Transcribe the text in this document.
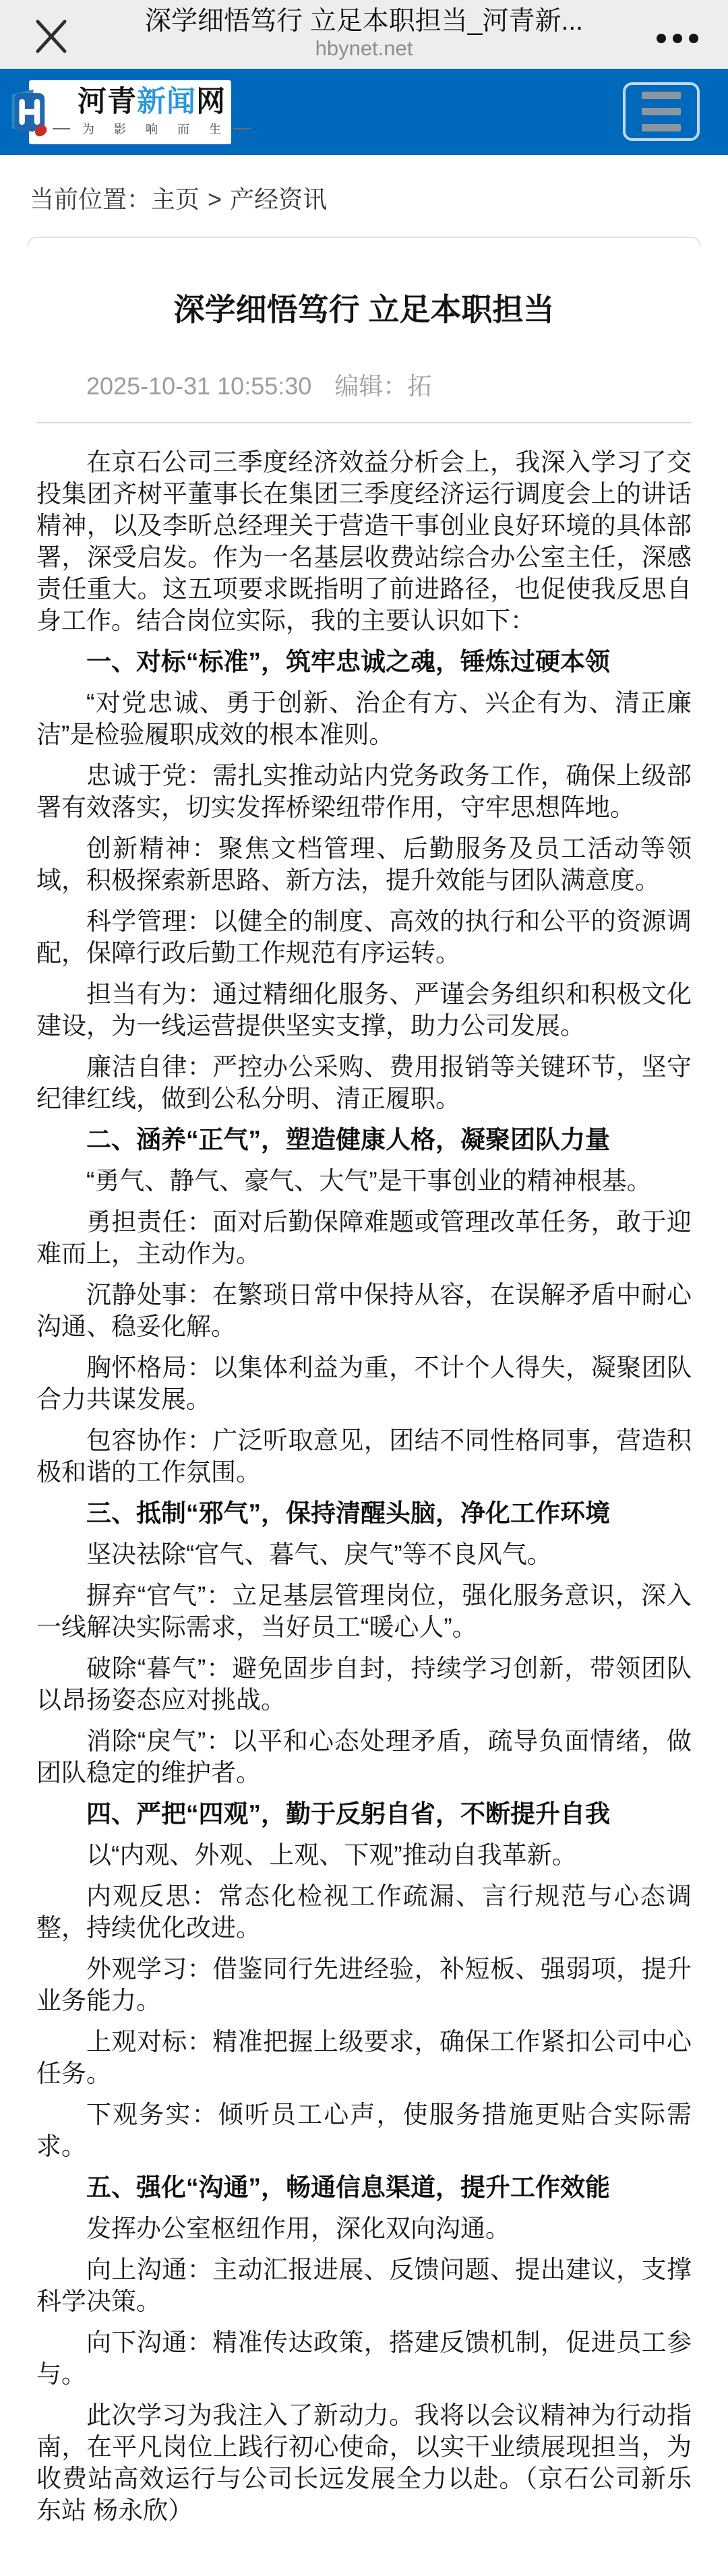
深学细悟笃行 立足本职担当_河青新...
hbynet.net
河青新闻网
为 影 响 而 生
当前位置：主页 > 产经资讯
深学细悟笃行 立足本职担当
2025-10-31 10:55:30 编辑：拓

在京石公司三季度经济效益分析会上，我深入学习了交投集团齐树平董事长在集团三季度经济运行调度会上的讲话精神，以及李昕总经理关于营造干事创业良好环境的具体部署，深受启发。作为一名基层收费站综合办公室主任，深感责任重大。这五项要求既指明了前进路径，也促使我反思自身工作。结合岗位实际，我的主要认识如下：

一、对标“标准”，筑牢忠诚之魂，锤炼过硬本领

“对党忠诚、勇于创新、治企有方、兴企有为、清正廉洁”是检验履职成效的根本准则。

忠诚于党：需扎实推动站内党务政务工作，确保上级部署有效落实，切实发挥桥梁纽带作用，守牢思想阵地。

创新精神：聚焦文档管理、后勤服务及员工活动等领域，积极探索新思路、新方法，提升效能与团队满意度。

科学管理：以健全的制度、高效的执行和公平的资源调配，保障行政后勤工作规范有序运转。

担当有为：通过精细化服务、严谨会务组织和积极文化建设，为一线运营提供坚实支撑，助力公司发展。

廉洁自律：严控办公采购、费用报销等关键环节，坚守纪律红线，做到公私分明、清正履职。

二、涵养“正气”，塑造健康人格，凝聚团队力量

“勇气、静气、豪气、大气”是干事创业的精神根基。

勇担责任：面对后勤保障难题或管理改革任务，敢于迎难而上，主动作为。

沉静处事：在繁琐日常中保持从容，在误解矛盾中耐心沟通、稳妥化解。

胸怀格局：以集体利益为重，不计个人得失，凝聚团队合力共谋发展。

包容协作：广泛听取意见，团结不同性格同事，营造积极和谐的工作氛围。

三、抵制“邪气”，保持清醒头脑，净化工作环境

坚决祛除“官气、暮气、戾气”等不良风气。

摒弃“官气”：立足基层管理岗位，强化服务意识，深入一线解决实际需求，当好员工“暖心人”。

破除“暮气”：避免固步自封，持续学习创新，带领团队以昂扬姿态应对挑战。

消除“戾气”：以平和心态处理矛盾，疏导负面情绪，做团队稳定的维护者。

四、严把“四观”，勤于反躬自省，不断提升自我

以“内观、外观、上观、下观”推动自我革新。

内观反思：常态化检视工作疏漏、言行规范与心态调整，持续优化改进。

外观学习：借鉴同行先进经验，补短板、强弱项，提升业务能力。

上观对标：精准把握上级要求，确保工作紧扣公司中心任务。

下观务实：倾听员工心声，使服务措施更贴合实际需求。

五、强化“沟通”，畅通信息渠道，提升工作效能

发挥办公室枢纽作用，深化双向沟通。

向上沟通：主动汇报进展、反馈问题、提出建议，支撑科学决策。

向下沟通：精准传达政策，搭建反馈机制，促进员工参与。

此次学习为我注入了新动力。我将以会议精神为行动指南，在平凡岗位上践行初心使命，以实干业绩展现担当，为收费站高效运行与公司长远发展全力以赴。（京石公司新乐东站 杨永欣）
